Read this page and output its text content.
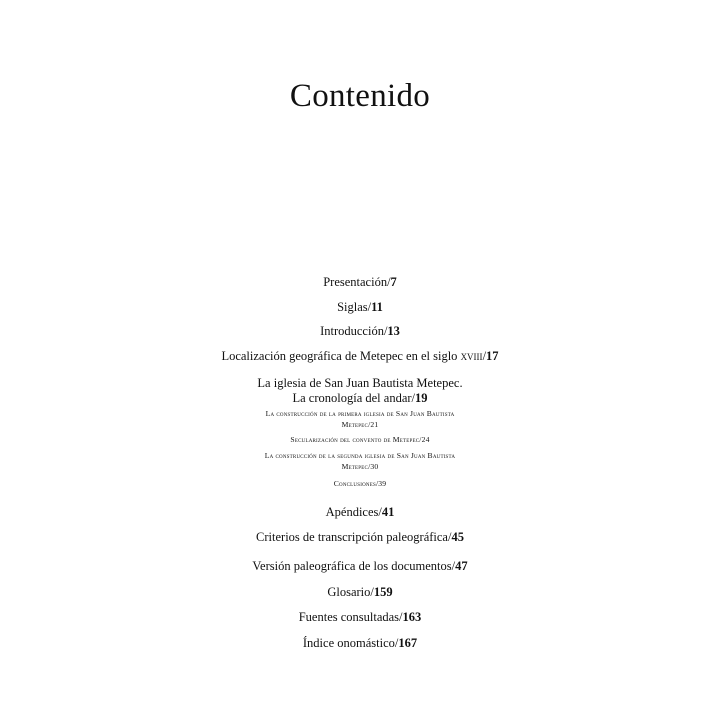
Contenido
Presentación/7
Siglas/11
Introducción/13
Localización geográfica de Metepec en el siglo xviii/17
La iglesia de San Juan Bautista Metepec.
La cronología del andar/19
La construcción de la primera iglesia de San Juan Bautista
Metepec/21
Secularización del convento de Metepec/24
La construcción de la segunda iglesia de San Juan Bautista
Metepec/30
Conclusiones/39
Apéndices/41
Criterios de transcripción paleográfica/45
Versión paleográfica de los documentos/47
Glosario/159
Fuentes consultadas/163
Índice onomástico/167
